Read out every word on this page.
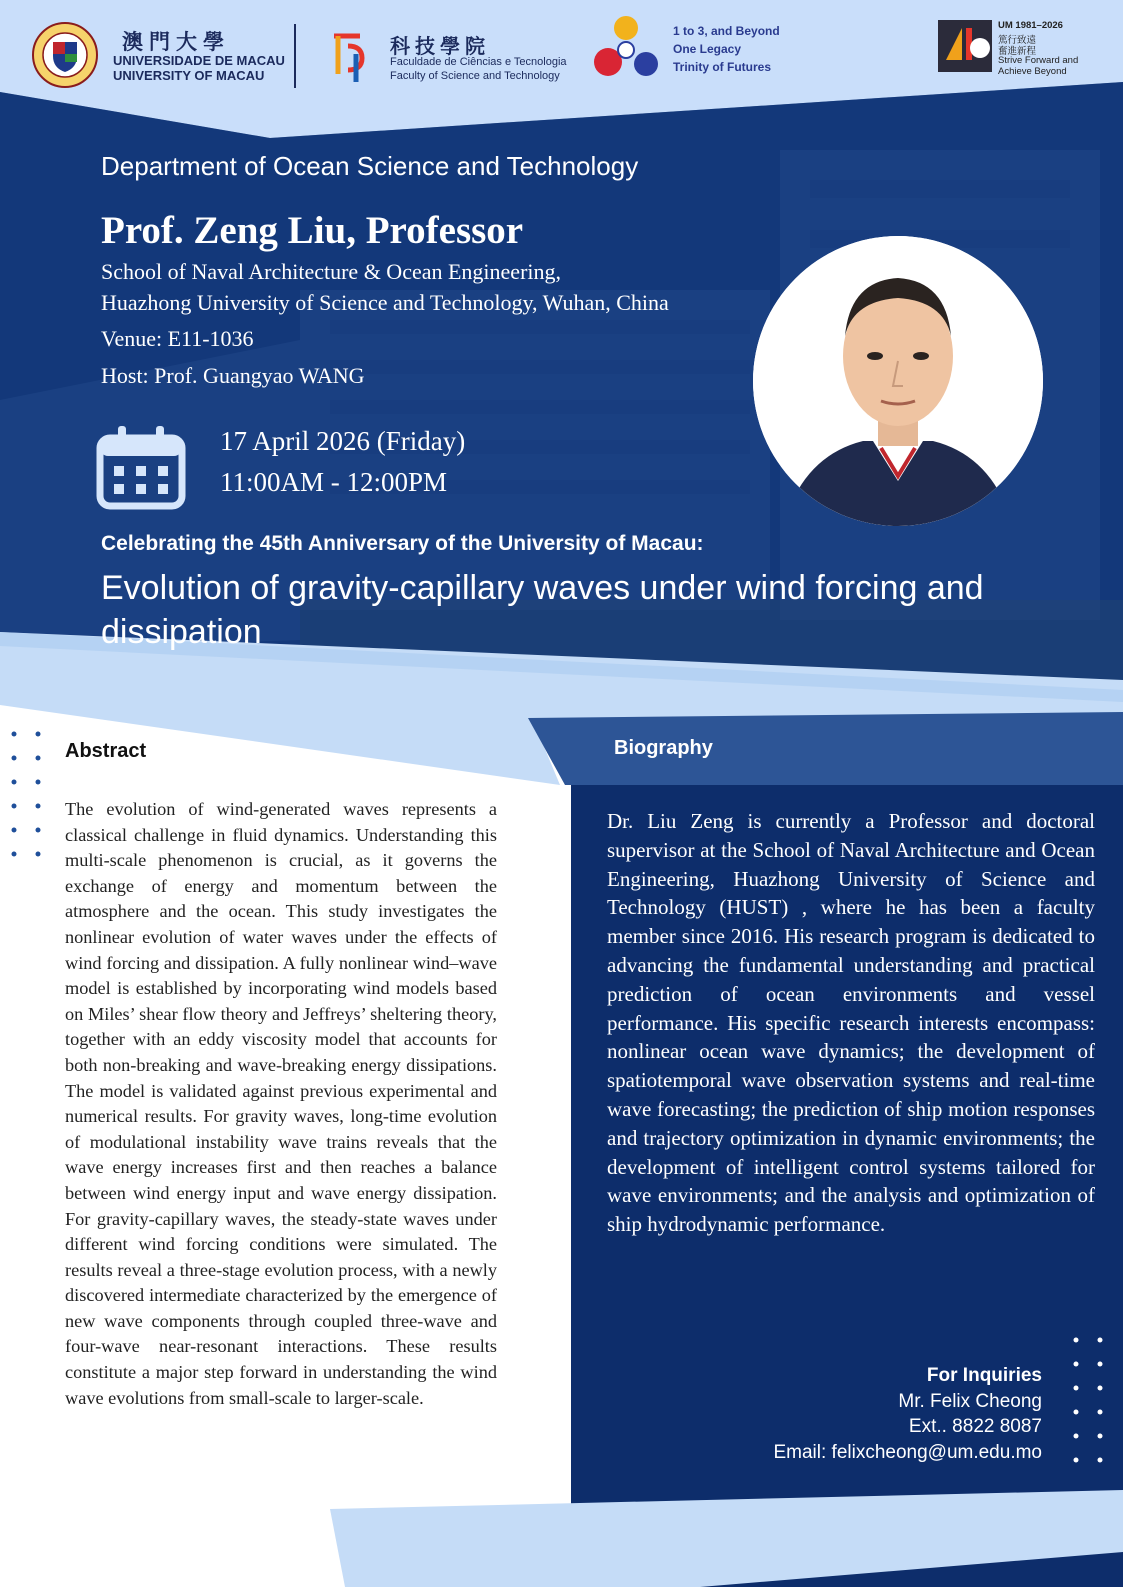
澳門大學
UNIVERSIDADE DE MACAU
UNIVERSITY OF MACAU
科技學院
Faculdade de Ciências e Tecnologia
Faculty of Science and Technology
1 to 3, and Beyond
One Legacy
Trinity of Futures
UM 1981–2026
篤行致遠
奮進新程
Strive Forward and
Achieve Beyond
Department of Ocean Science and Technology
Prof. Zeng Liu, Professor
School of Naval Architecture & Ocean Engineering,
Huazhong University of Science and Technology, Wuhan, China
Venue: E11-1036
Host: Prof. Guangyao WANG
17 April 2026 (Friday)
11:00AM - 12:00PM
Celebrating the 45th Anniversary of the University of Macau:
Evolution of gravity-capillary waves under wind forcing and dissipation
Abstract
The evolution of wind-generated waves represents a classical challenge in fluid dynamics. Understanding this multi-scale phenomenon is crucial, as it governs the exchange of energy and momentum between the atmosphere and the ocean. This study investigates the nonlinear evolution of water waves under the effects of wind forcing and dissipation. A fully nonlinear wind–wave model is established by incorporating wind models based on Miles’ shear flow theory and Jeffreys’ sheltering theory, together with an eddy viscosity model that accounts for both non-breaking and wave-breaking energy dissipations. The model is validated against previous experimental and numerical results. For gravity waves, long-time evolution of modulational instability wave trains reveals that the wave energy increases first and then reaches a balance between wind energy input and wave energy dissipation. For gravity-capillary waves, the steady-state waves under different wind forcing conditions were simulated. The results reveal a three-stage evolution process, with a newly discovered intermediate characterized by the emergence of new wave components through coupled three-wave and four-wave near-resonant interactions. These results constitute a major step forward in understanding the wind wave evolutions from small-scale to larger-scale.
Biography
Dr. Liu Zeng is currently a Professor and doctoral supervisor at the School of Naval Architecture and Ocean Engineering, Huazhong University of Science and Technology (HUST) , where he has been a faculty member since 2016. His research program is dedicated to advancing the fundamental understanding and practical prediction of ocean environments and vessel performance. His specific research interests encompass: nonlinear ocean wave dynamics; the development of spatiotemporal wave observation systems and real-time wave forecasting; the prediction of ship motion responses and trajectory optimization in dynamic environments; the development of intelligent control systems tailored for wave environments; and the analysis and optimization of ship hydrodynamic performance.
For Inquiries
Mr. Felix Cheong
Ext.. 8822 8087
Email: felixcheong@um.edu.mo
